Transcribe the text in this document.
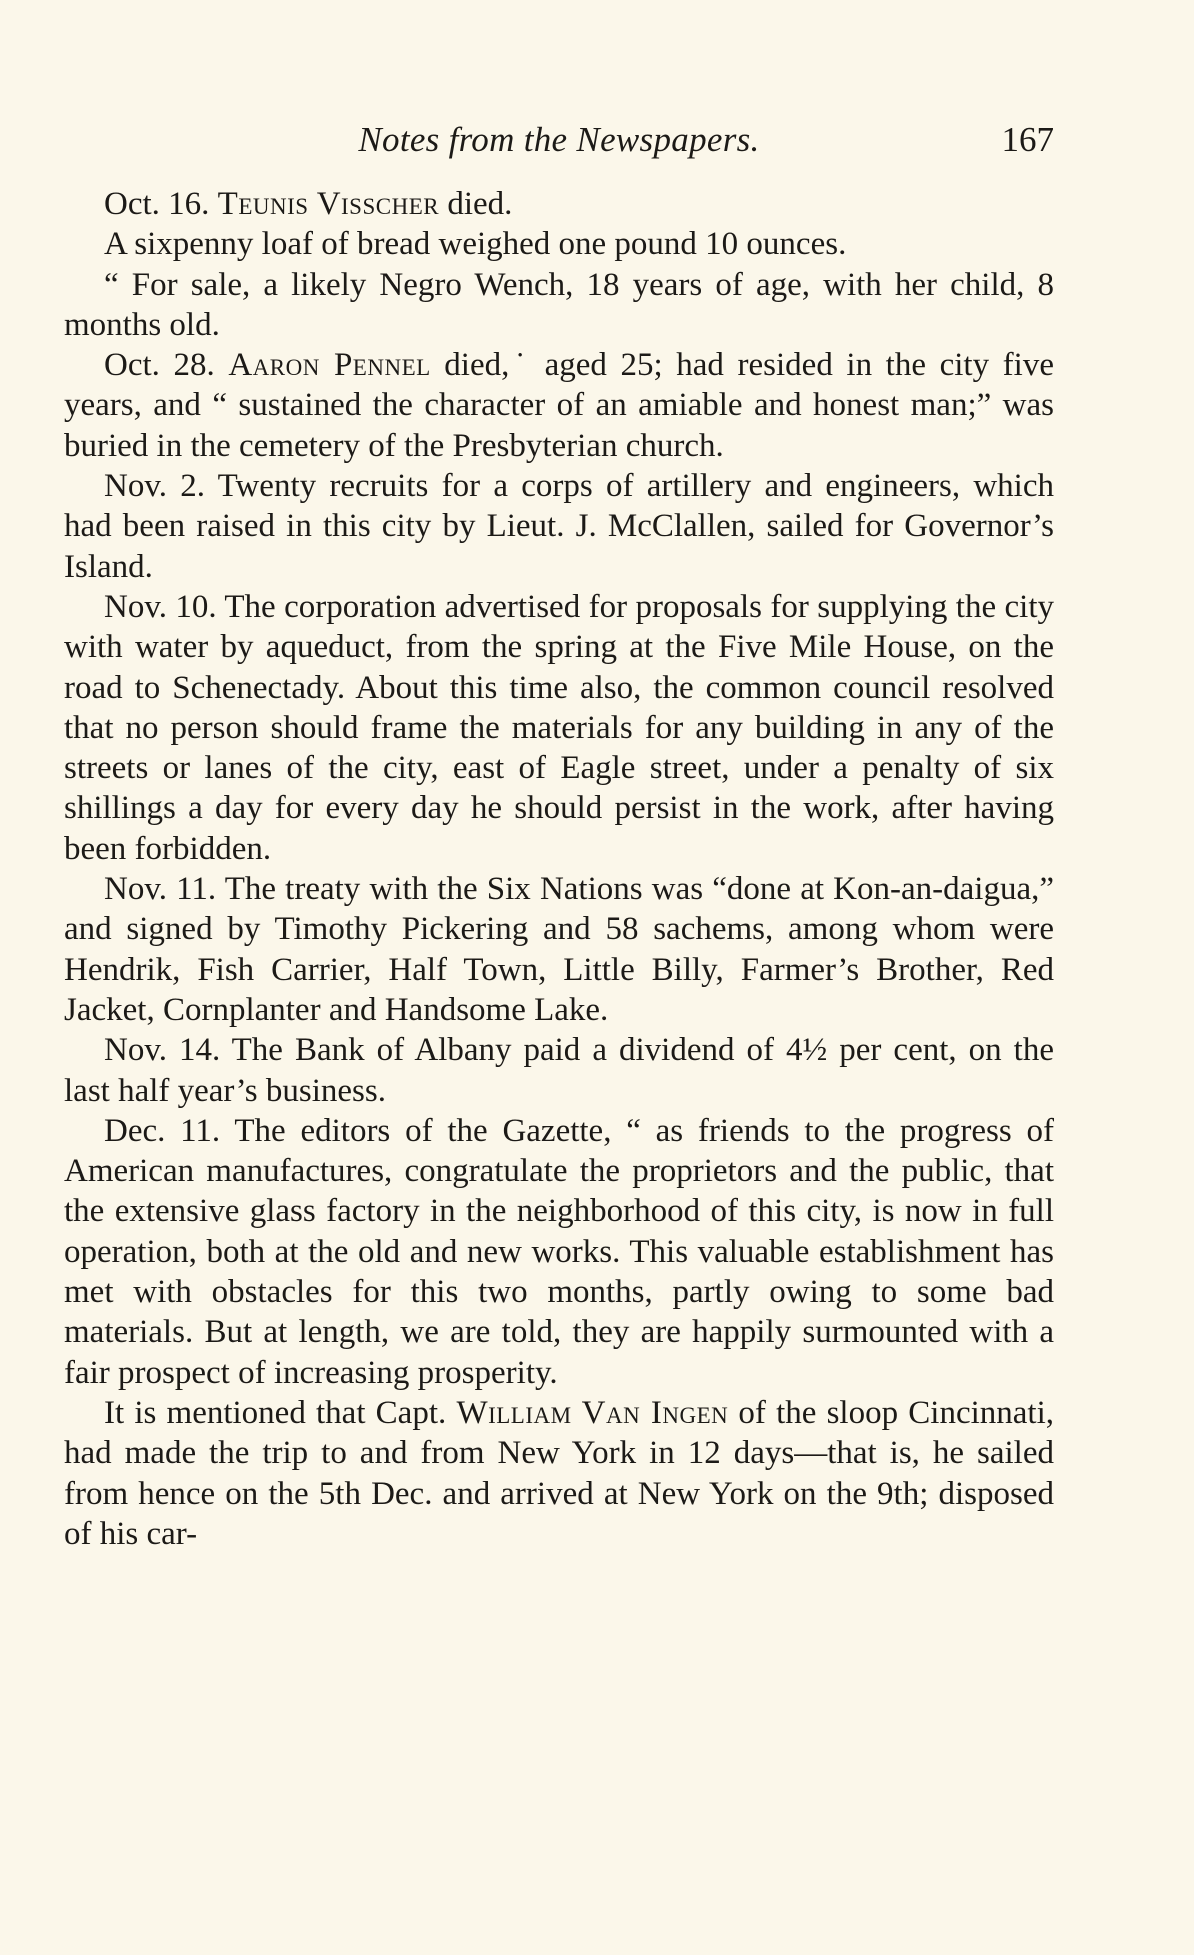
Notes from the Newspapers.	167

Oct. 16. Teunis Visscher died.

A sixpenny loaf of bread weighed one pound 10 ounces.

“ For sale, a likely Negro Wench, 18 years of age, with her child, 8 months old.

Oct. 28. Aaron Pennel died,˙ aged 25; had resided in the city five years, and “ sustained the character of an amiable and honest man;” was buried in the cemetery of the Presbyterian church.

Nov. 2. Twenty recruits for a corps of artillery and engineers, which had been raised in this city by Lieut. J. McClallen, sailed for Governor’s Island.

Nov. 10. The corporation advertised for proposals for supplying the city with water by aqueduct, from the spring at the Five Mile House, on the road to Schenectady. About this time also, the common council resolved that no person should frame the materials for any building in any of the streets or lanes of the city, east of Eagle street, under a penalty of six shillings a day for every day he should persist in the work, after having been forbidden.

Nov. 11. The treaty with the Six Nations was “done at Kon-an-daigua,” and signed by Timothy Pickering and 58 sachems, among whom were Hendrik, Fish Carrier, Half Town, Little Billy, Farmer’s Brother, Red Jacket, Cornplanter and Handsome Lake.

Nov. 14. The Bank of Albany paid a dividend of 4½ per cent, on the last half year’s business.

Dec. 11. The editors of the Gazette, “ as friends to the progress of American manufactures, congratulate the proprietors and the public, that the extensive glass factory in the neighborhood of this city, is now in full operation, both at the old and new works. This valuable establishment has met with obstacles for this two months, partly owing to some bad materials. But at length, we are told, they are happily surmounted with a fair prospect of increasing prosperity.

It is mentioned that Capt. William Van Ingen of the sloop Cincinnati, had made the trip to and from New York in 12 days—that is, he sailed from hence on the 5th Dec. and arrived at New York on the 9th; disposed of his car-
